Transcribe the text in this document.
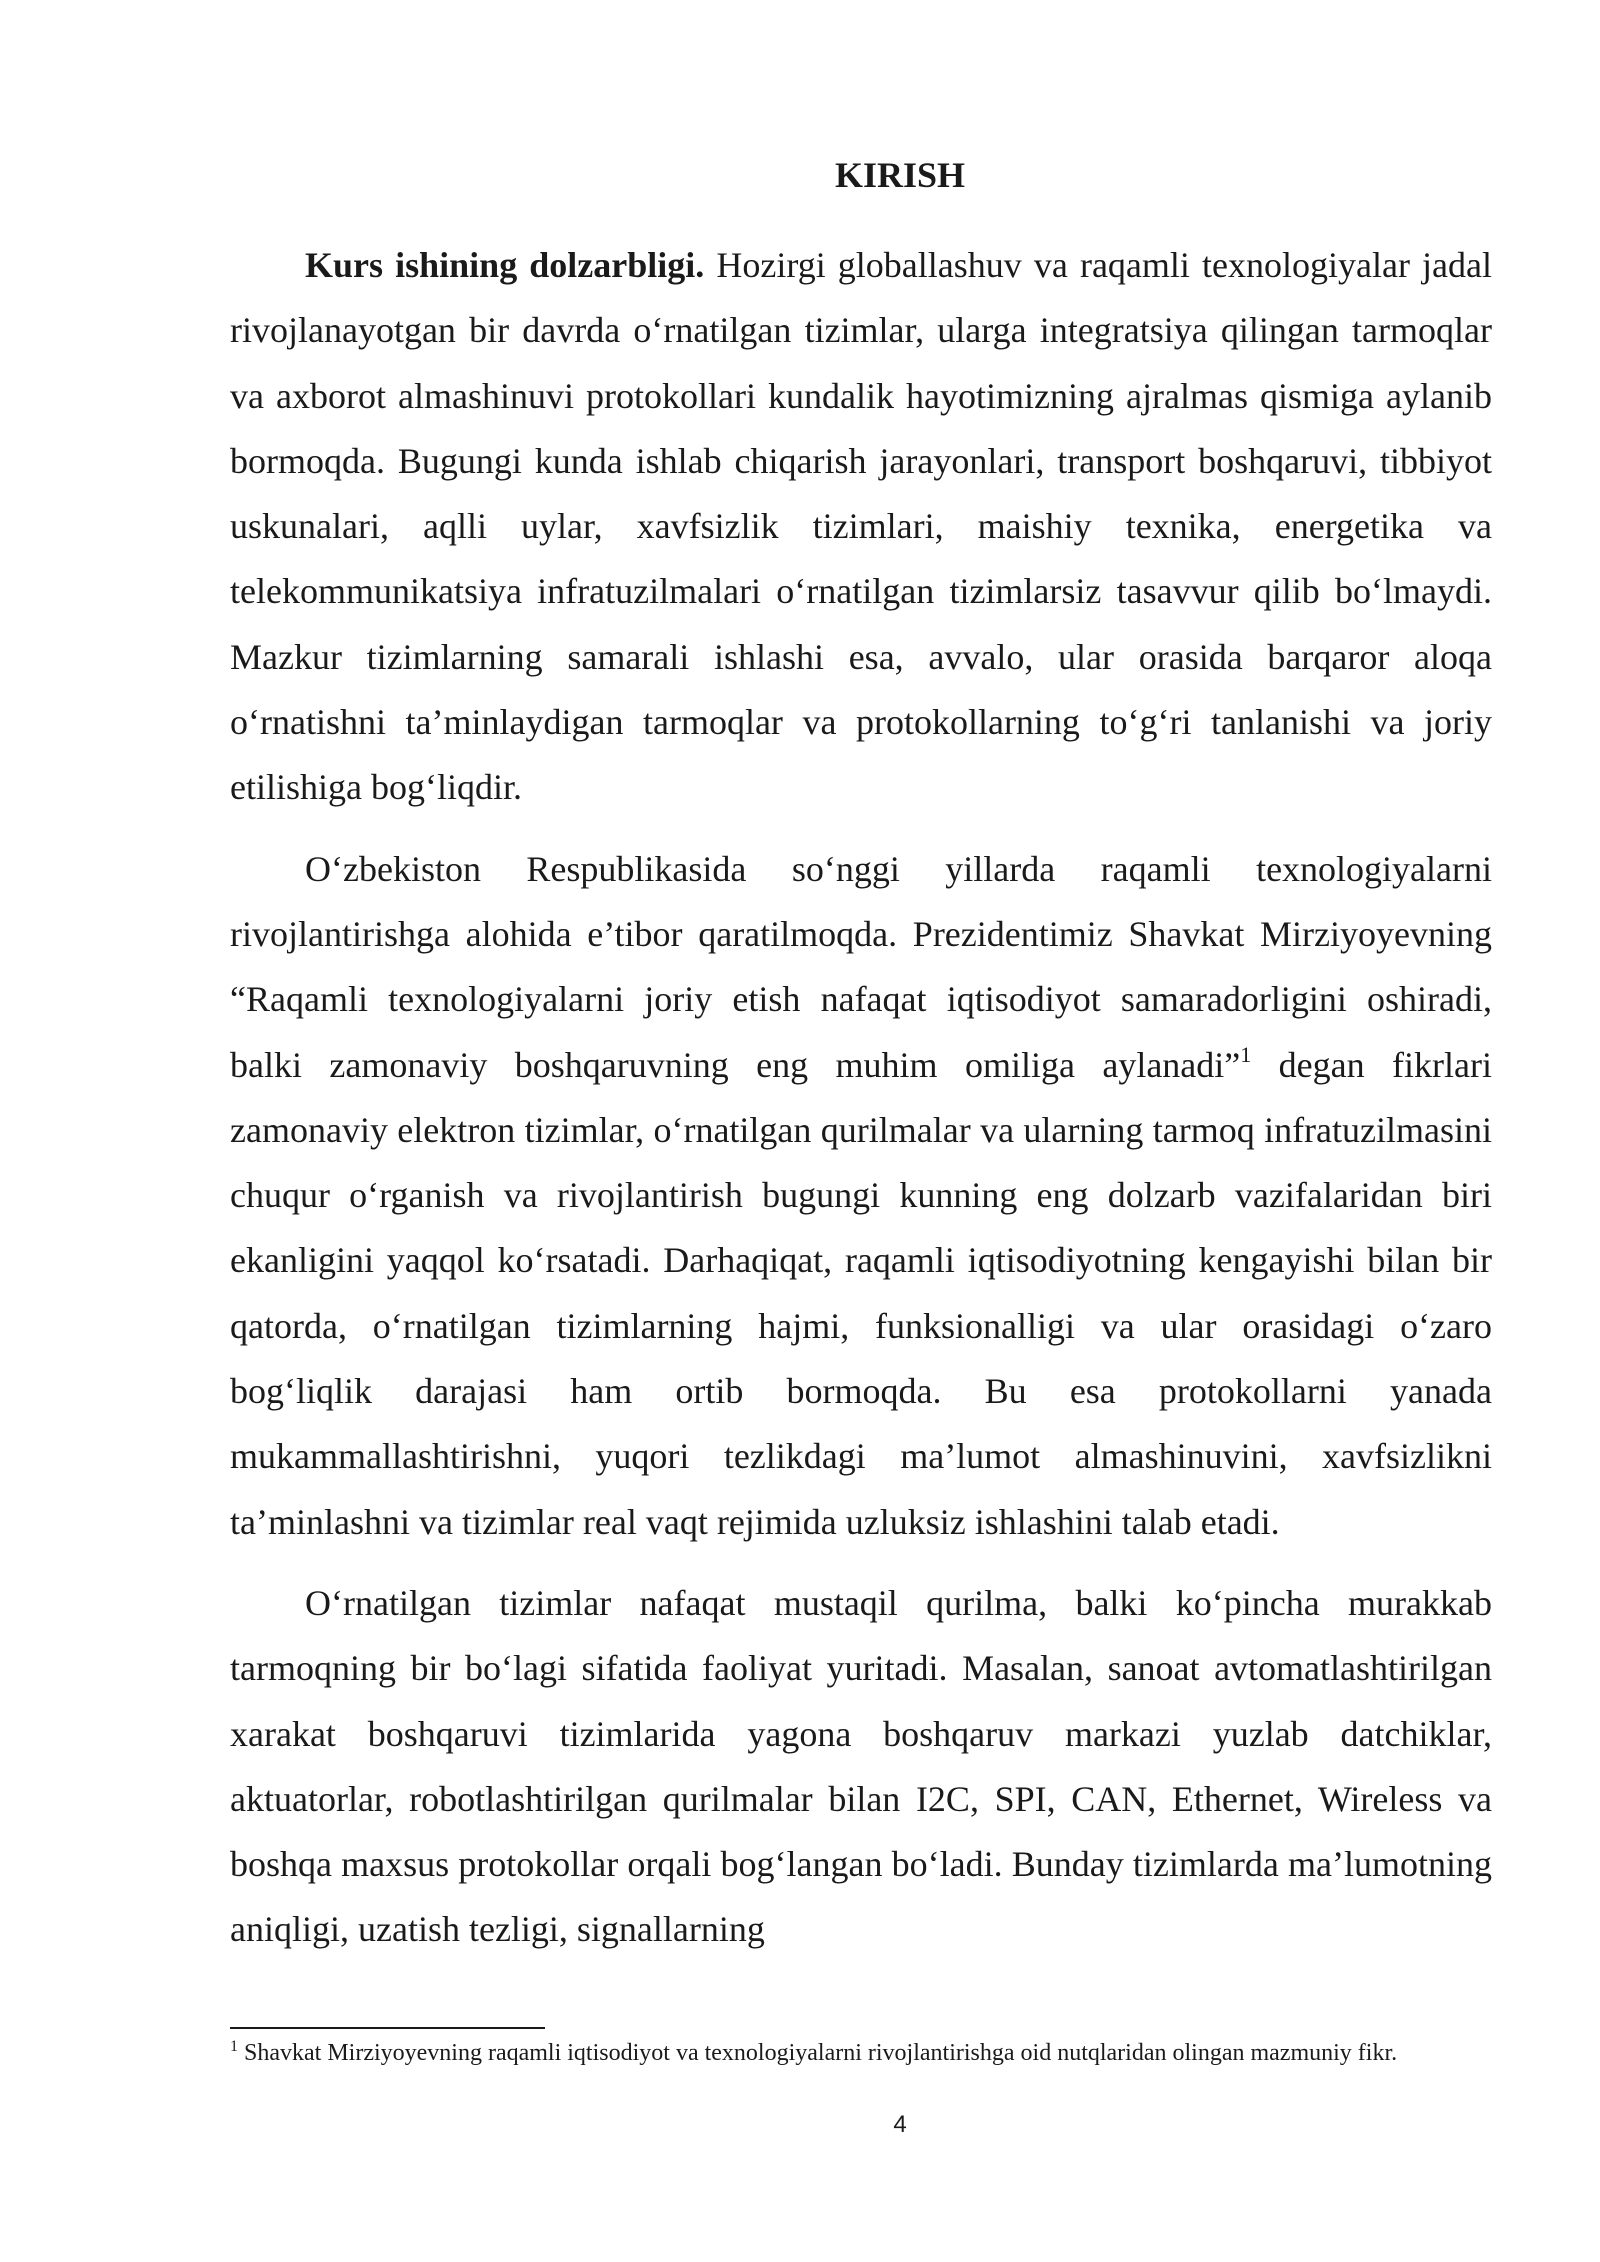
KIRISH

Kurs ishining dolzarbligi. Hozirgi globallashuv va raqamli texnologiyalar jadal rivojlanayotgan bir davrda o‘rnatilgan tizimlar, ularga integratsiya qilingan tarmoqlar va axborot almashinuvi protokollari kundalik hayotimizning ajralmas qismiga aylanib bormoqda. Bugungi kunda ishlab chiqarish jarayonlari, transport boshqaruvi, tibbiyot uskunalari, aqlli uylar, xavfsizlik tizimlari, maishiy texnika, energetika va telekommunikatsiya infratuzilmalari o‘rnatilgan tizimlarsiz tasavvur qilib bo‘lmaydi. Mazkur tizimlarning samarali ishlashi esa, avvalo, ular orasida barqaror aloqa o‘rnatishni ta’minlaydigan tarmoqlar va protokollarning to‘g‘ri tanlanishi va joriy etilishiga bog‘liqdir.

O‘zbekiston Respublikasida so‘nggi yillarda raqamli texnologiyalarni rivojlantirishga alohida e’tibor qaratilmoqda. Prezidentimiz Shavkat Mirziyoyevning “Raqamli texnologiyalarni joriy etish nafaqat iqtisodiyot samaradorligini oshiradi, balki zamonaviy boshqaruvning eng muhim omiliga aylanadi”$^1$ degan fikrlari zamonaviy elektron tizimlar, o‘rnatilgan qurilmalar va ularning tarmoq infratuzilmasini chuqur o‘rganish va rivojlantirish bugungi kunning eng dolzarb vazifalaridan biri ekanligini yaqqol ko‘rsatadi. Darhaqiqat, raqamli iqtisodiyotning kengayishi bilan bir qatorda, o‘rnatilgan tizimlarning hajmi, funksionalligi va ular orasidagi o‘zaro bog‘liqlik darajasi ham ortib bormoqda. Bu esa protokollarni yanada mukammallashtirishni, yuqori tezlikdagi ma’lumot almashinuvini, xavfsizlikni ta’minlashni va tizimlar real vaqt rejimida uzluksiz ishlashini talab etadi.

O‘rnatilgan tizimlar nafaqat mustaqil qurilma, balki ko‘pincha murakkab tarmoqning bir bo‘lagi sifatida faoliyat yuritadi. Masalan, sanoat avtomatlashtirilgan xarakat boshqaruvi tizimlarida yagona boshqaruv markazi yuzlab datchiklar, aktuatorlar, robotlashtirilgan qurilmalar bilan I2C, SPI, CAN, Ethernet, Wireless va boshqa maxsus protokollar orqali bog‘langan bo‘ladi. Bunday tizimlarda ma’lumotning aniqligi, uzatish tezligi, signallarning

$^1$ Shavkat Mirziyoyevning raqamli iqtisodiyot va texnologiyalarni rivojlantirishga oid nutqlaridan olingan mazmuniy fikr.

4
